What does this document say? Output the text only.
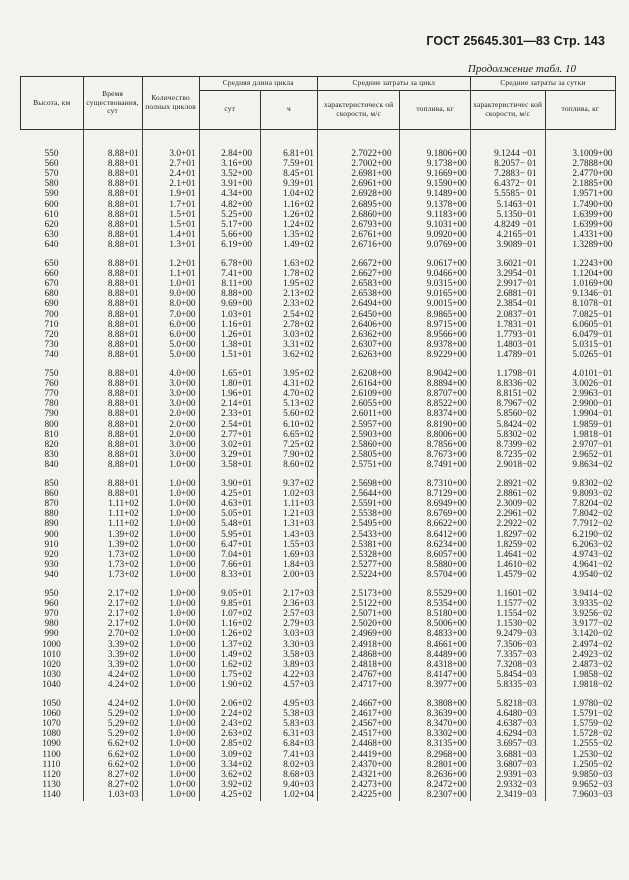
ГОСТ 25645.301—83 Стр. 143
Продолжение табл. 10
Высота, км	Время существования, сут	Количество полных циклов	Средняя длина цикла		Средние затраты за цикл		Средние затраты за сутки	
			сут	ч	характеристическ ой скорости, м/с	топлива, кг	характеристичес кой скорости, м/с	топлива, кг

550	8.88+01	3.0+01	2.84+00	6.81+01	2.7022+00	9.1806+00	9.1244 −01	3.1009+00
560	8.88+01	2.7+01	3.16+00	7.59+01	2.7002+00	9.1738+00	8.2057− 01	2.7888+00
570	8.88+01	2.4+01	3.52+00	8.45+01	2.6981+00	9.1669+00	7.2883− 01	2.4770+00
580	8.88+01	2.1+01	3.91+00	9.39+01	2.6961+00	9.1590+00	6.4372− 01	2.1885+00
590	8.88+01	1.9+01	4.34+00	1.04+02	2.6928+00	9.1489+00	5.5585− 01	1.9571+00
600	8.88+01	1.7+01	4.82+00	1.16+02	2.6895+00	9.1378+00	5.1463−01	1.7490+00
610	8.88+01	1.5+01	5.25+00	1.26+02	2.6860+00	9.1183+00	5.1350−01	1.6399+00
620	8.88+01	1.5+01	5.17+00	1.24+02	2.6793+00	9.1031+00	4.8249 −01	1.6399+00
630	8.88+01	1.4+01	5.66+00	1.35+02	2.6761+00	9.0920+00	4.2165−01	1.4331+00
640	8.88+01	1.3+01	6.19+00	1.49+02	2.6716+00	9.0769+00	3.9089−01	1.3289+00

650	8.88+01	1.2+01	6.78+00	1.63+02	2.6672+00	9.0617+00	3.6021−01	1.2243+00
660	8.88+01	1.1+01	7.41+00	1.78+02	2.6627+00	9.0466+00	3.2954−01	1.1204+00
670	8.88+01	1.0+01	8.11+00	1.95+02	2.6583+00	9.0315+00	2.9917−01	1.0169+00
680	8.88+01	9.0+00	8.88+00	2.13+02	2.6538+00	9.0165+00	2.6881−01	9.1346−01
690	8.88+01	8.0+00	9.69+00	2.33+02	2.6494+00	9.0015+00	2.3854−01	8.1078−01
700	8.88+01	7.0+00	1.03+01	2.54+02	2.6450+00	8.9865+00	2.0837−01	7.0825−01
710	8.88+01	6.0+00	1.16+01	2.78+02	2.6406+00	8.9715+00	1.7831−01	6.0605−01
720	8.88+01	6.0+00	1.26+01	3.03+02	2.6362+00	8.9566+00	1.7793−01	6.0479−01
730	8.88+01	5.0+00	1.38+01	3.31+02	2.6307+00	8.9378+00	1.4803−01	5.0315−01
740	8.88+01	5.0+00	1.51+01	3.62+02	2.6263+00	8.9229+00	1.4789−01	5.0265−01

750	8.88+01	4.0+00	1.65+01	3.95+02	2.6208+00	8.9042+00	1.1798−01	4.0101−01
760	8.88+01	3.0+00	1.80+01	4.31+02	2.6164+00	8.8894+00	8.8336−02	3.0026−01
770	8.88+01	3.0+00	1.96+01	4.70+02	2.6109+00	8.8707+00	8.8151−02	2.9963−01
780	8.88+01	3.0+00	2.14+01	5.13+02	2.6055+00	8.8522+00	8.7967−02	2.9900−01
790	8.88+01	2.0+00	2.33+01	5.60+02	2.6011+00	8.8374+00	5.8560−02	1.9904−01
800	8.88+01	2.0+00	2.54+01	6.10+02	2.5957+00	8.8190+00	5.8424−02	1.9859−01
810	8.88+01	2.0+00	2.77+01	6.65+02	2.5903+00	8.8006+00	5.8302−02	1.9818−01
820	8.88+01	3.0+00	3.02+01	7.25+02	2.5860+00	8.7856+00	8.7399−02	2.9707−01
830	8.88+01	3.0+00	3.29+01	7.90+02	2.5805+00	8.7673+00	8.7235−02	2.9652−01
840	8.88+01	1.0+00	3.58+01	8.60+02	2.5751+00	8.7491+00	2.9018−02	9.8634−02

850	8.88+01	1.0+00	3.90+01	9.37+02	2.5698+00	8.7310+00	2.8921−02	9.8302−02
860	8.88+01	1.0+00	4.25+01	1.02+03	2.5644+00	8.7129+00	2.8861−02	9.8093−02
870	1.11+02	1.0+00	4.63+01	1.11+03	2.5591+00	8.6949+00	2.3009−02	7.8204−02
880	1.11+02	1.0+00	5.05+01	1.21+03	2.5538+00	8.6769+00	2.2961−02	7.8042−02
890	1.11+02	1.0+00	5.48+01	1.31+03	2.5495+00	8.6622+00	2.2922−02	7.7912−02
900	1.39+02	1.0+00	5.95+01	1.43+03	2.5433+00	8.6412+00	1.8297−02	6.2190−02
910	1.39+02	1.0+00	6.47+01	1.55+03	2.5381+00	8.6234+00	1.8259−02	6.2063−02
920	1.73+02	1.0+00	7.04+01	1.69+03	2.5328+00	8.6057+00	1.4641−02	4.9743−02
930	1.73+02	1.0+00	7.66+01	1.84+03	2.5277+00	8.5880+00	1.4610−02	4.9641−02
940	1.73+02	1.0+00	8.33+01	2.00+03	2.5224+00	8.5704+00	1.4579−02	4.9540−02

950	2.17+02	1.0+00	9.05+01	2.17+03	2.5173+00	8.5529+00	1.1601−02	3.9414−02
960	2.17+02	1.0+00	9.85+01	2.36+03	2.5122+00	8.5354+00	1.1577−02	3.9335−02
970	2.17+02	1.0+00	1.07+02	2.57+03	2.5071+00	8.5180+00	1.1554−02	3.9256−02
980	2.17+02	1.0+00	1.16+02	2.79+03	2.5020+00	8.5006+00	1.1530−02	3.9177−02
990	2.70+02	1.0+00	1.26+02	3.03+03	2.4969+00	8.4833+00	9.2479−03	3.1420−02
1000	3.39+02	1.0+00	1.37+02	3.30+03	2.4918+00	8.4661+00	7.3506−03	2.4974−02
1010	3.39+02	1.0+00	1.49+02	3.58+03	2.4868+00	8.4489+00	7.3357−03	2.4923−02
1020	3.39+02	1.0+00	1.62+02	3.89+03	2.4818+00	8.4318+00	7.3208−03	2.4873−02
1030	4.24+02	1.0+00	1.75+02	4.22+03	2.4767+00	8.4147+00	5.8454−03	1.9858−02
1040	4.24+02	1.0+00	1.90+02	4.57+03	2.4717+00	8.3977+00	5.8335−03	1.9818−02

1050	4.24+02	1.0+00	2.06+02	4.95+03	2.4667+00	8.3808+00	5.8218−03	1.9780−02
1060	5.29+02	1.0+00	2.24+02	5.38+03	2.4617+00	8.3639+00	4.6480−03	1.5791−02
1070	5.29+02	1.0+00	2.43+02	5.83+03	2.4567+00	8.3470+00	4.6387−03	1.5759−02
1080	5.29+02	1.0+00	2.63+02	6.31+03	2.4517+00	8.3302+00	4.6294−03	1.5728−02
1090	6.62+02	1.0+00	2.85+02	6.84+03	2.4468+00	8.3135+00	3.6957−03	1.2555−02
1100	6.62+02	1.0+00	3.09+02	7.41+03	2.4419+00	8.2968+00	3.6881−03	1.2530−02
1110	6.62+02	1.0+00	3.34+02	8.02+03	2.4370+00	8.2801+00	3.6807−03	1.2505−02
1120	8.27+02	1.0+00	3.62+02	8.68+03	2.4321+00	8.2636+00	2.9391−03	9.9850−03
1130	8.27+02	1.0+00	3.92+02	9.40+03	2.4273+00	8.2472+00	2.9332−03	9.9652−03
1140	1.03+03	1.0+00	4.25+02	1.02+04	2.4225+00	8.2307+00	2.3419−03	7.9603−03
